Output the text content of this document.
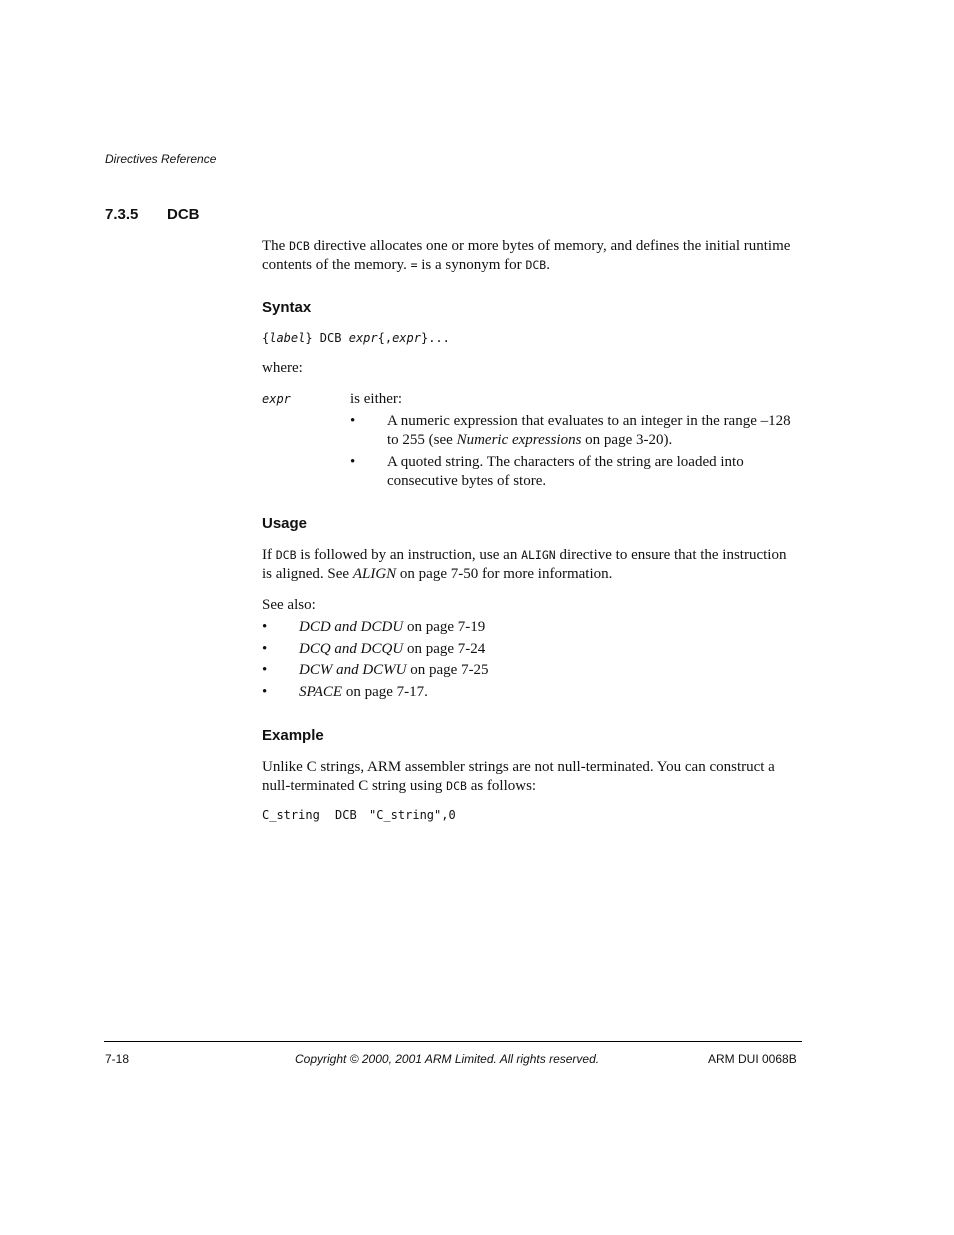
Directives Reference
7.3.5 DCB
The DCB directive allocates one or more bytes of memory, and defines the initial runtime
contents of the memory. = is a synonym for DCB.
Syntax
{label} DCB expr{,expr}...
where:
expr	is either:
• A numeric expression that evaluates to an integer in the range –128
to 255 (see Numeric expressions on page 3-20).
• A quoted string. The characters of the string are loaded into
consecutive bytes of store.
Usage
If DCB is followed by an instruction, use an ALIGN directive to ensure that the instruction
is aligned. See ALIGN on page 7-50 for more information.
See also:
• DCD and DCDU on page 7-19
• DCQ and DCQU on page 7-24
• DCW and DCWU on page 7-25
• SPACE on page 7-17.
Example
Unlike C strings, ARM assembler strings are not null-terminated. You can construct a
null-terminated C string using DCB as follows:
C_string DCB "C_string",0
7-18	Copyright © 2000, 2001 ARM Limited. All rights reserved.	ARM DUI 0068B
